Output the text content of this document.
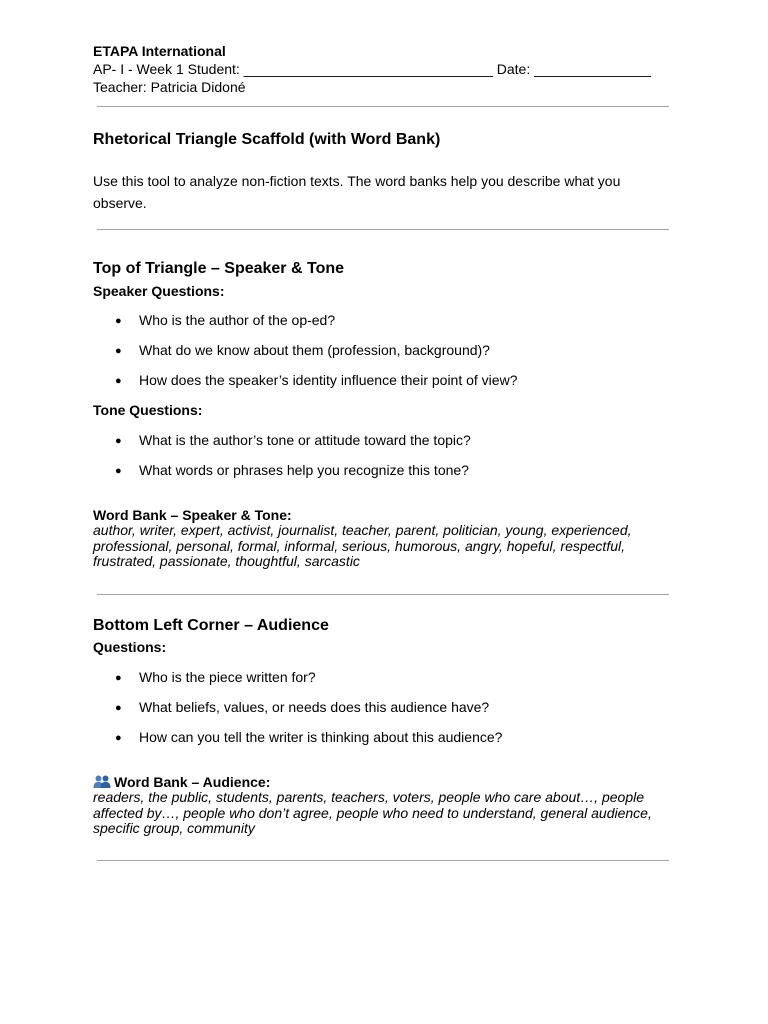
ETAPA International
AP- I - Week 1 Student: ________________________________ Date: _______________
Teacher: Patricia Didoné
Rhetorical Triangle Scaffold (with Word Bank)
Use this tool to analyze non-fiction texts. The word banks help you describe what you observe.
Top of Triangle – Speaker & Tone
Speaker Questions:
● Who is the author of the op-ed?
● What do we know about them (profession, background)?
● How does the speaker’s identity influence their point of view?
Tone Questions:
● What is the author’s tone or attitude toward the topic?
● What words or phrases help you recognize this tone?
Word Bank – Speaker & Tone:
author, writer, expert, activist, journalist, teacher, parent, politician, young, experienced, professional, personal, formal, informal, serious, humorous, angry, hopeful, respectful, frustrated, passionate, thoughtful, sarcastic
Bottom Left Corner – Audience
Questions:
● Who is the piece written for?
● What beliefs, values, or needs does this audience have?
● How can you tell the writer is thinking about this audience?
Word Bank – Audience:
readers, the public, students, parents, teachers, voters, people who care about…, people affected by…, people who don’t agree, people who need to understand, general audience, specific group, community
